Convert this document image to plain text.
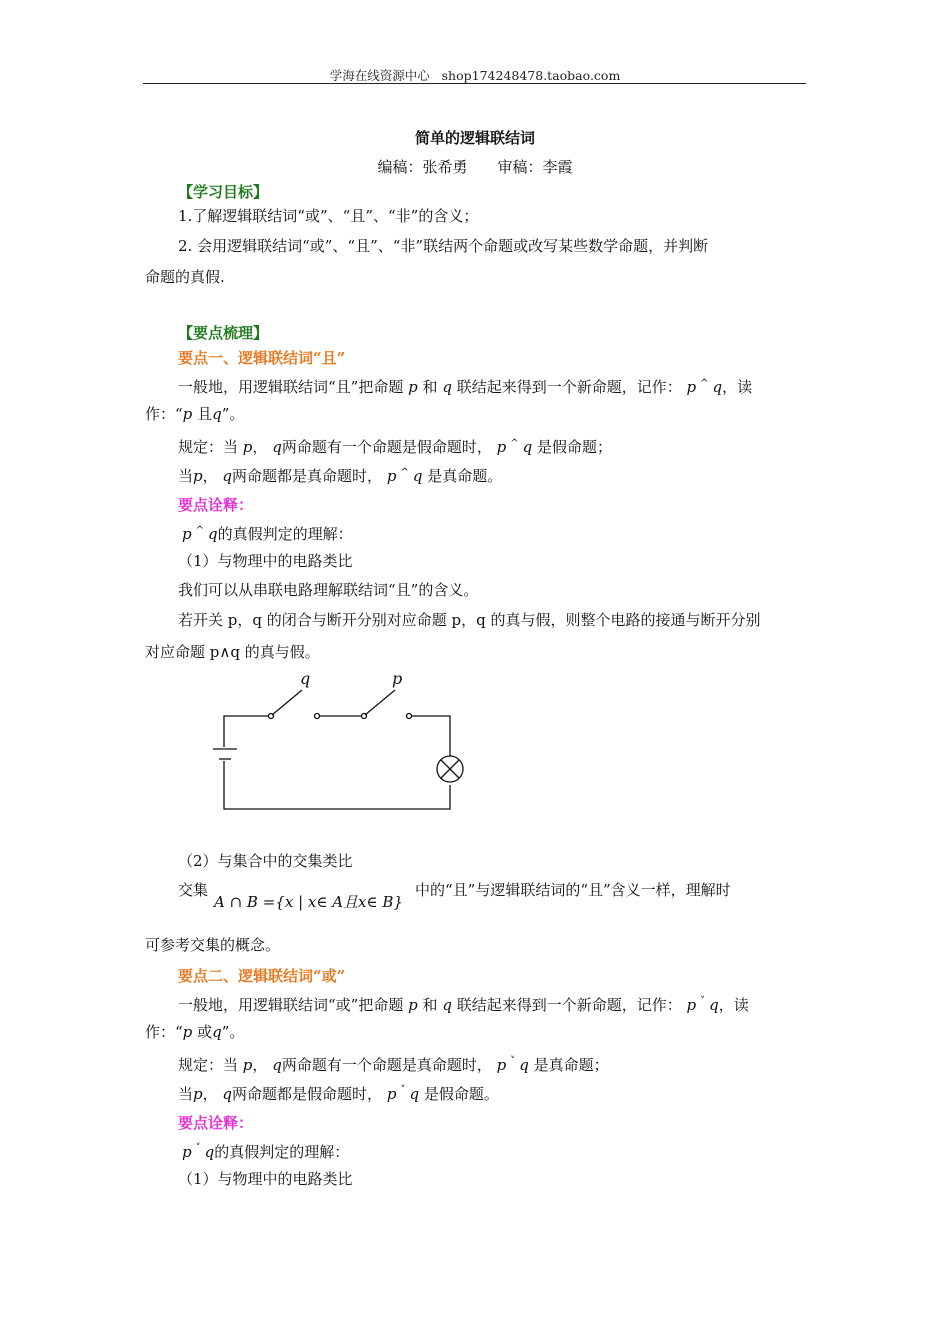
学海在线资源中心 shop174248478.taobao.com
简单的逻辑联结词
编稿：张希勇　　审稿：李霞
【学习目标】
1.了解逻辑联结词“或”、“且”、“非”的含义；
2. 会用逻辑联结词“或”、“且”、“非”联结两个命题或改写某些数学命题，并判断
命题的真假.
【要点梳理】
要点一、逻辑联结词“且”
一般地，用逻辑联结词“且”把命题 p 和 q 联结起来得到一个新命题，记作： p ^ q，读
作：“p 且q”。
规定：当 p， q两命题有一个命题是假命题时， p ^ q 是假命题；
当p， q两命题都是真命题时， p ^ q 是真命题。
要点诠释：
p ^ q的真假判定的理解：
（1）与物理中的电路类比
我们可以从串联电路理解联结词“且”的含义。
若开关 p，q 的闭合与断开分别对应命题 p，q 的真与假，则整个电路的接通与断开分别
对应命题 p∧q 的真与假。
q	p
（2）与集合中的交集类比
交集
A ∩ B ={x | x∈ A且x∈ B}
中的“且”与逻辑联结词的“且”含义一样，理解时
可参考交集的概念。
要点二、逻辑联结词“或”
一般地，用逻辑联结词“或”把命题 p 和 q 联结起来得到一个新命题，记作： p ˅ q，读
作：“p 或q”。
规定：当 p， q两命题有一个命题是真命题时， p ˅ q 是真命题；
当p， q两命题都是假命题时， p ˅ q 是假命题。
要点诠释：
p ˅ q的真假判定的理解：
（1）与物理中的电路类比
